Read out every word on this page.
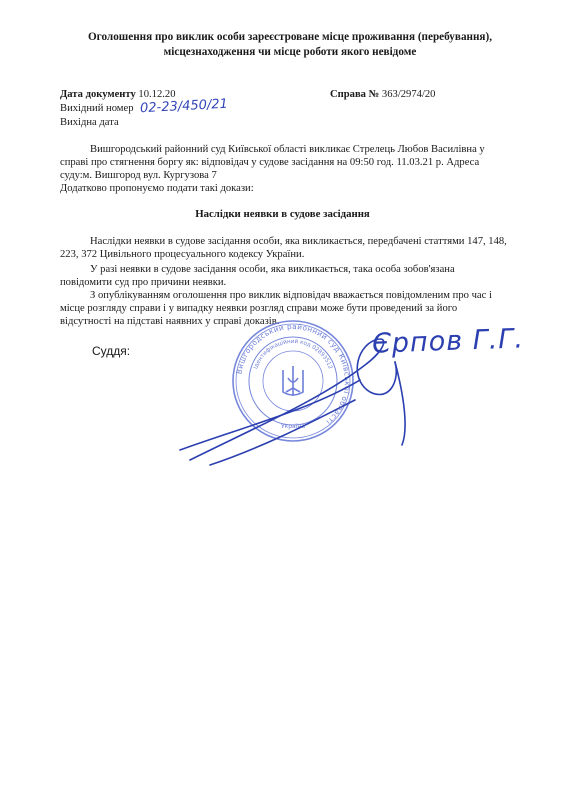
Оголошення про виклик особи зареєстроване місце проживання (перебування),
місцезнаходження чи місце роботи якого невідоме
Дата документу 10.12.20	Справа № 363/2974/20
Вихідний номер 02-23/450/21
Вихідна дата
Вишгородський районний суд Київської області викликає Стрелець Любов Василівна у
справі про стягнення боргу як: відповідач у судове засідання на 09:50 год. 11.03.21 р. Адреса
суду:м. Вишгород вул. Кургузова 7
Додатково пропонуємо подати такі докази:
Наслідки неявки в судове засідання
Наслідки неявки в судове засідання особи, яка викликається, передбачені статтями 147, 148,
223, 372 Цивільного процесуального кодексу України.
У разі неявки в судове засідання особи, яка викликається, така особа зобов'язана
повідомити суд про причини неявки.
З опублікуванням оголошення про виклик відповідач вважається повідомленим про час і
місце розгляду справи і у випадку неявки розгляд справи може бути проведений за його
відсутності на підставі наявних у справі доказів.
Суддя:
Вишгородський районний суд Київської області
Ідентифікаційний код 02893512
Україна
Єрпов Г.Г.
